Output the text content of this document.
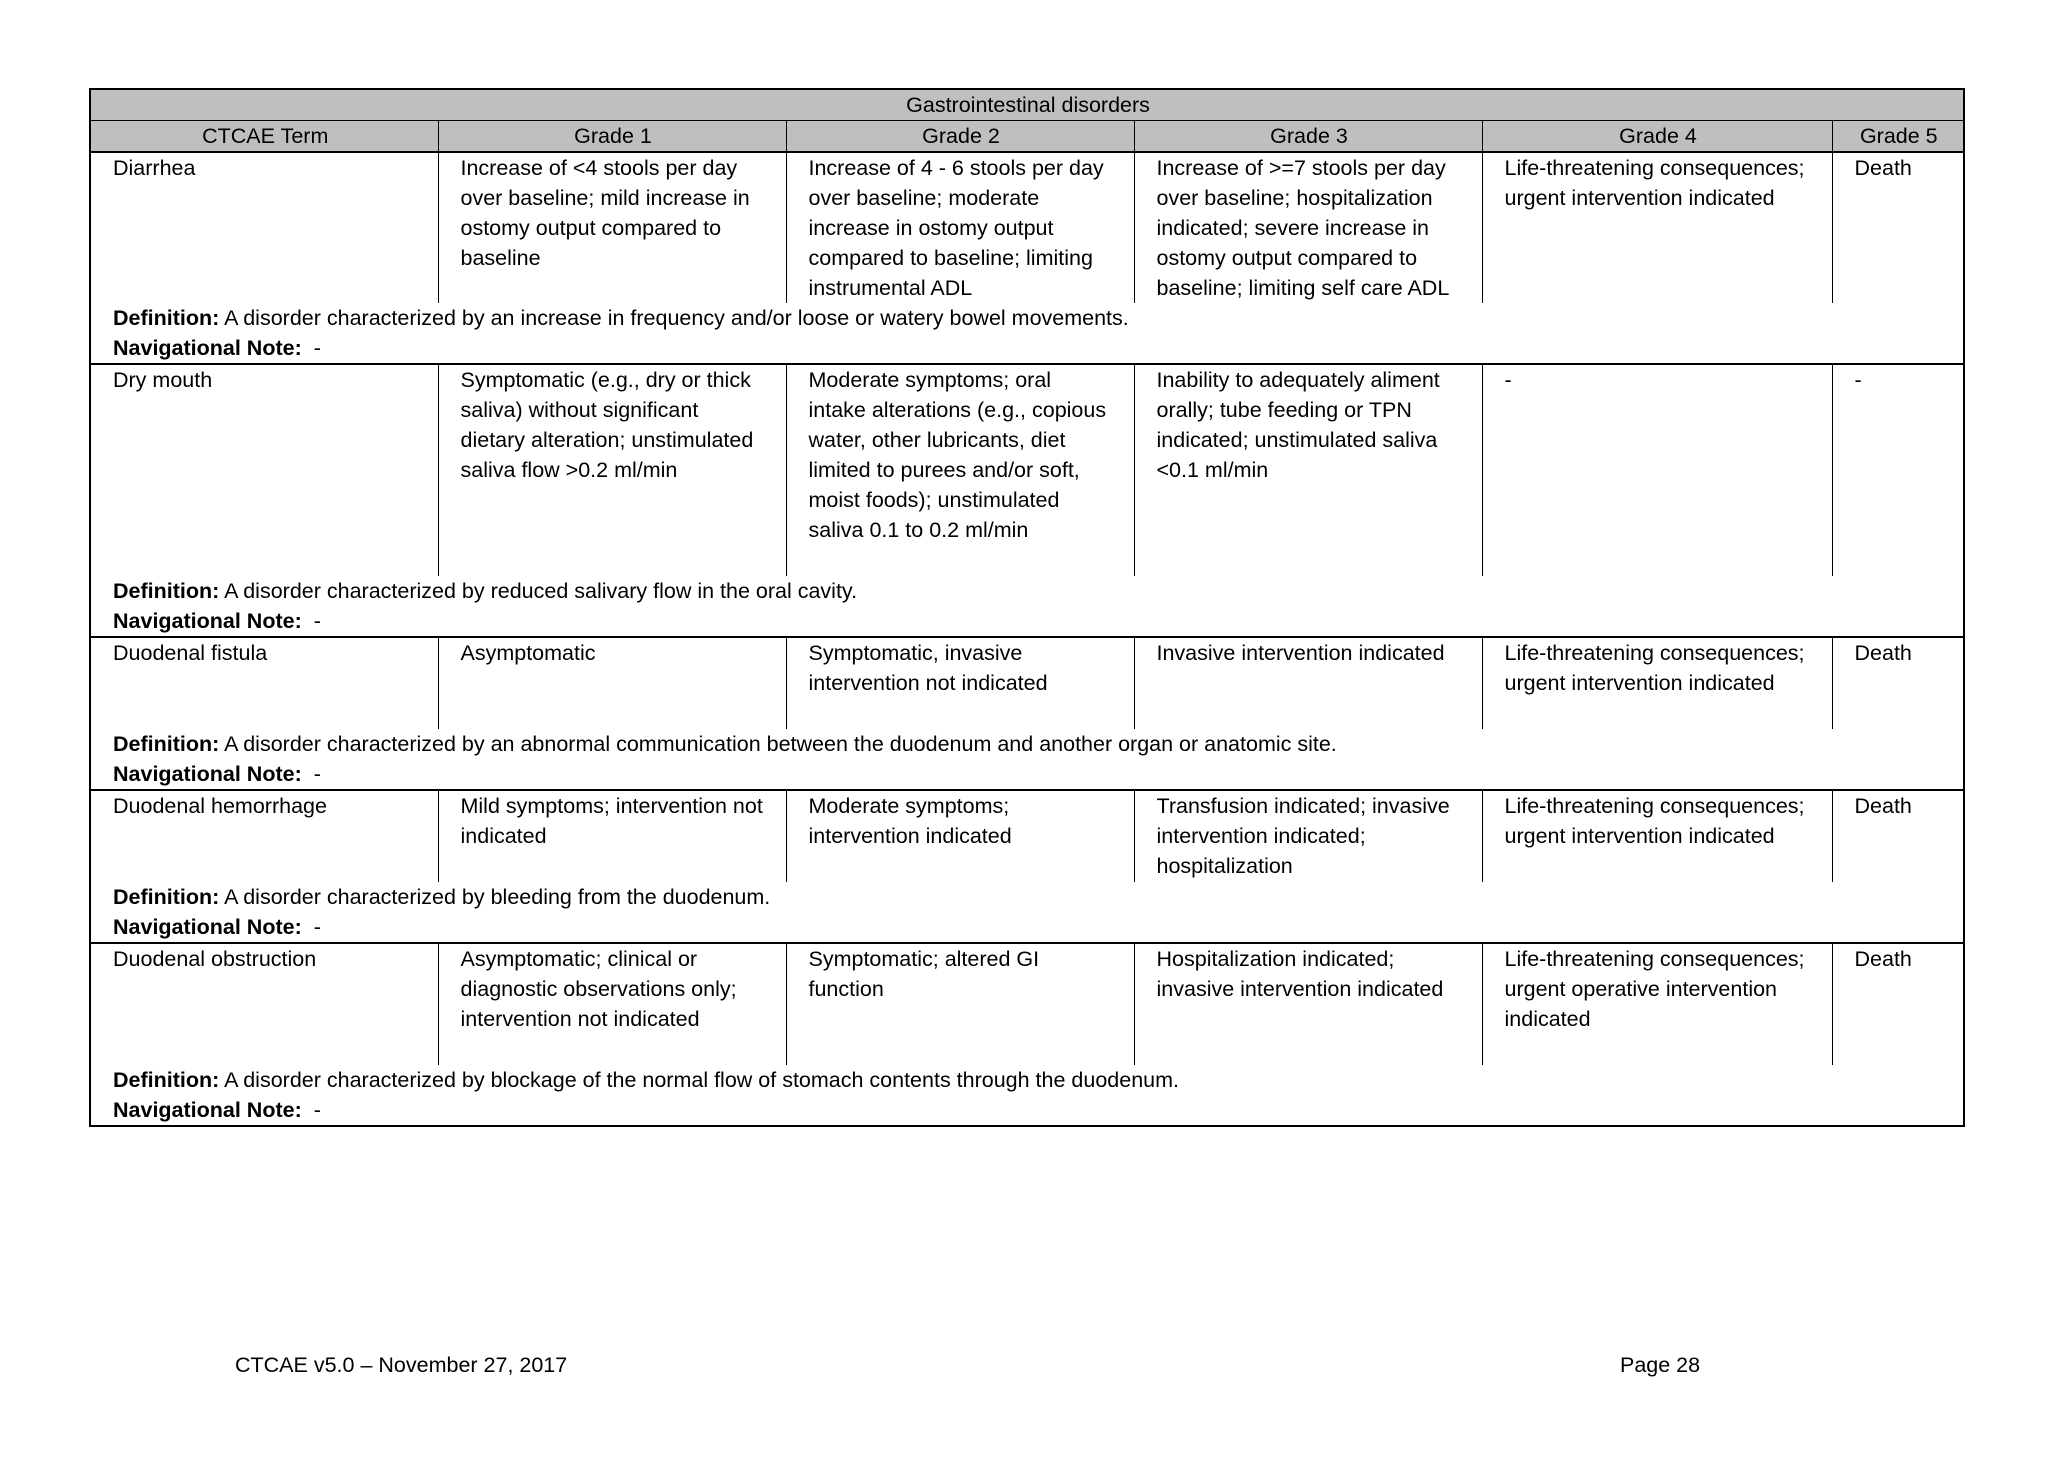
Gastrointestinal disorders					
CTCAE Term	Grade 1	Grade 2	Grade 3	Grade 4	Grade 5
Diarrhea	Increase of <4 stools per day over baseline; mild increase in ostomy output compared to baseline	Increase of 4 - 6 stools per day over baseline; moderate increase in ostomy output compared to baseline; limiting instrumental ADL	Increase of >=7 stools per day over baseline; hospitalization indicated; severe increase in ostomy output compared to baseline; limiting self care ADL	Life-threatening consequences; urgent intervention indicated	Death
Definition: A disorder characterized by an increase in frequency and/or loose or watery bowel movements.					
Navigational Note: -					
Dry mouth	Symptomatic (e.g., dry or thick saliva) without significant dietary alteration; unstimulated saliva flow >0.2 ml/min	Moderate symptoms; oral intake alterations (e.g., copious water, other lubricants, diet limited to purees and/or soft, moist foods); unstimulated saliva 0.1 to 0.2 ml/min	Inability to adequately aliment orally; tube feeding or TPN indicated; unstimulated saliva <0.1 ml/min	-	-
Definition: A disorder characterized by reduced salivary flow in the oral cavity.					
Navigational Note: -					
Duodenal fistula	Asymptomatic	Symptomatic, invasive intervention not indicated	Invasive intervention indicated	Life-threatening consequences; urgent intervention indicated	Death
Definition: A disorder characterized by an abnormal communication between the duodenum and another organ or anatomic site.					
Navigational Note: -					
Duodenal hemorrhage	Mild symptoms; intervention not indicated	Moderate symptoms; intervention indicated	Transfusion indicated; invasive intervention indicated; hospitalization	Life-threatening consequences; urgent intervention indicated	Death
Definition: A disorder characterized by bleeding from the duodenum.					
Navigational Note: -					
Duodenal obstruction	Asymptomatic; clinical or diagnostic observations only; intervention not indicated	Symptomatic; altered GI function	Hospitalization indicated; invasive intervention indicated	Life-threatening consequences; urgent operative intervention indicated	Death
Definition: A disorder characterized by blockage of the normal flow of stomach contents through the duodenum.					
Navigational Note: -					
CTCAE v5.0 – November 27, 2017	Page 28
